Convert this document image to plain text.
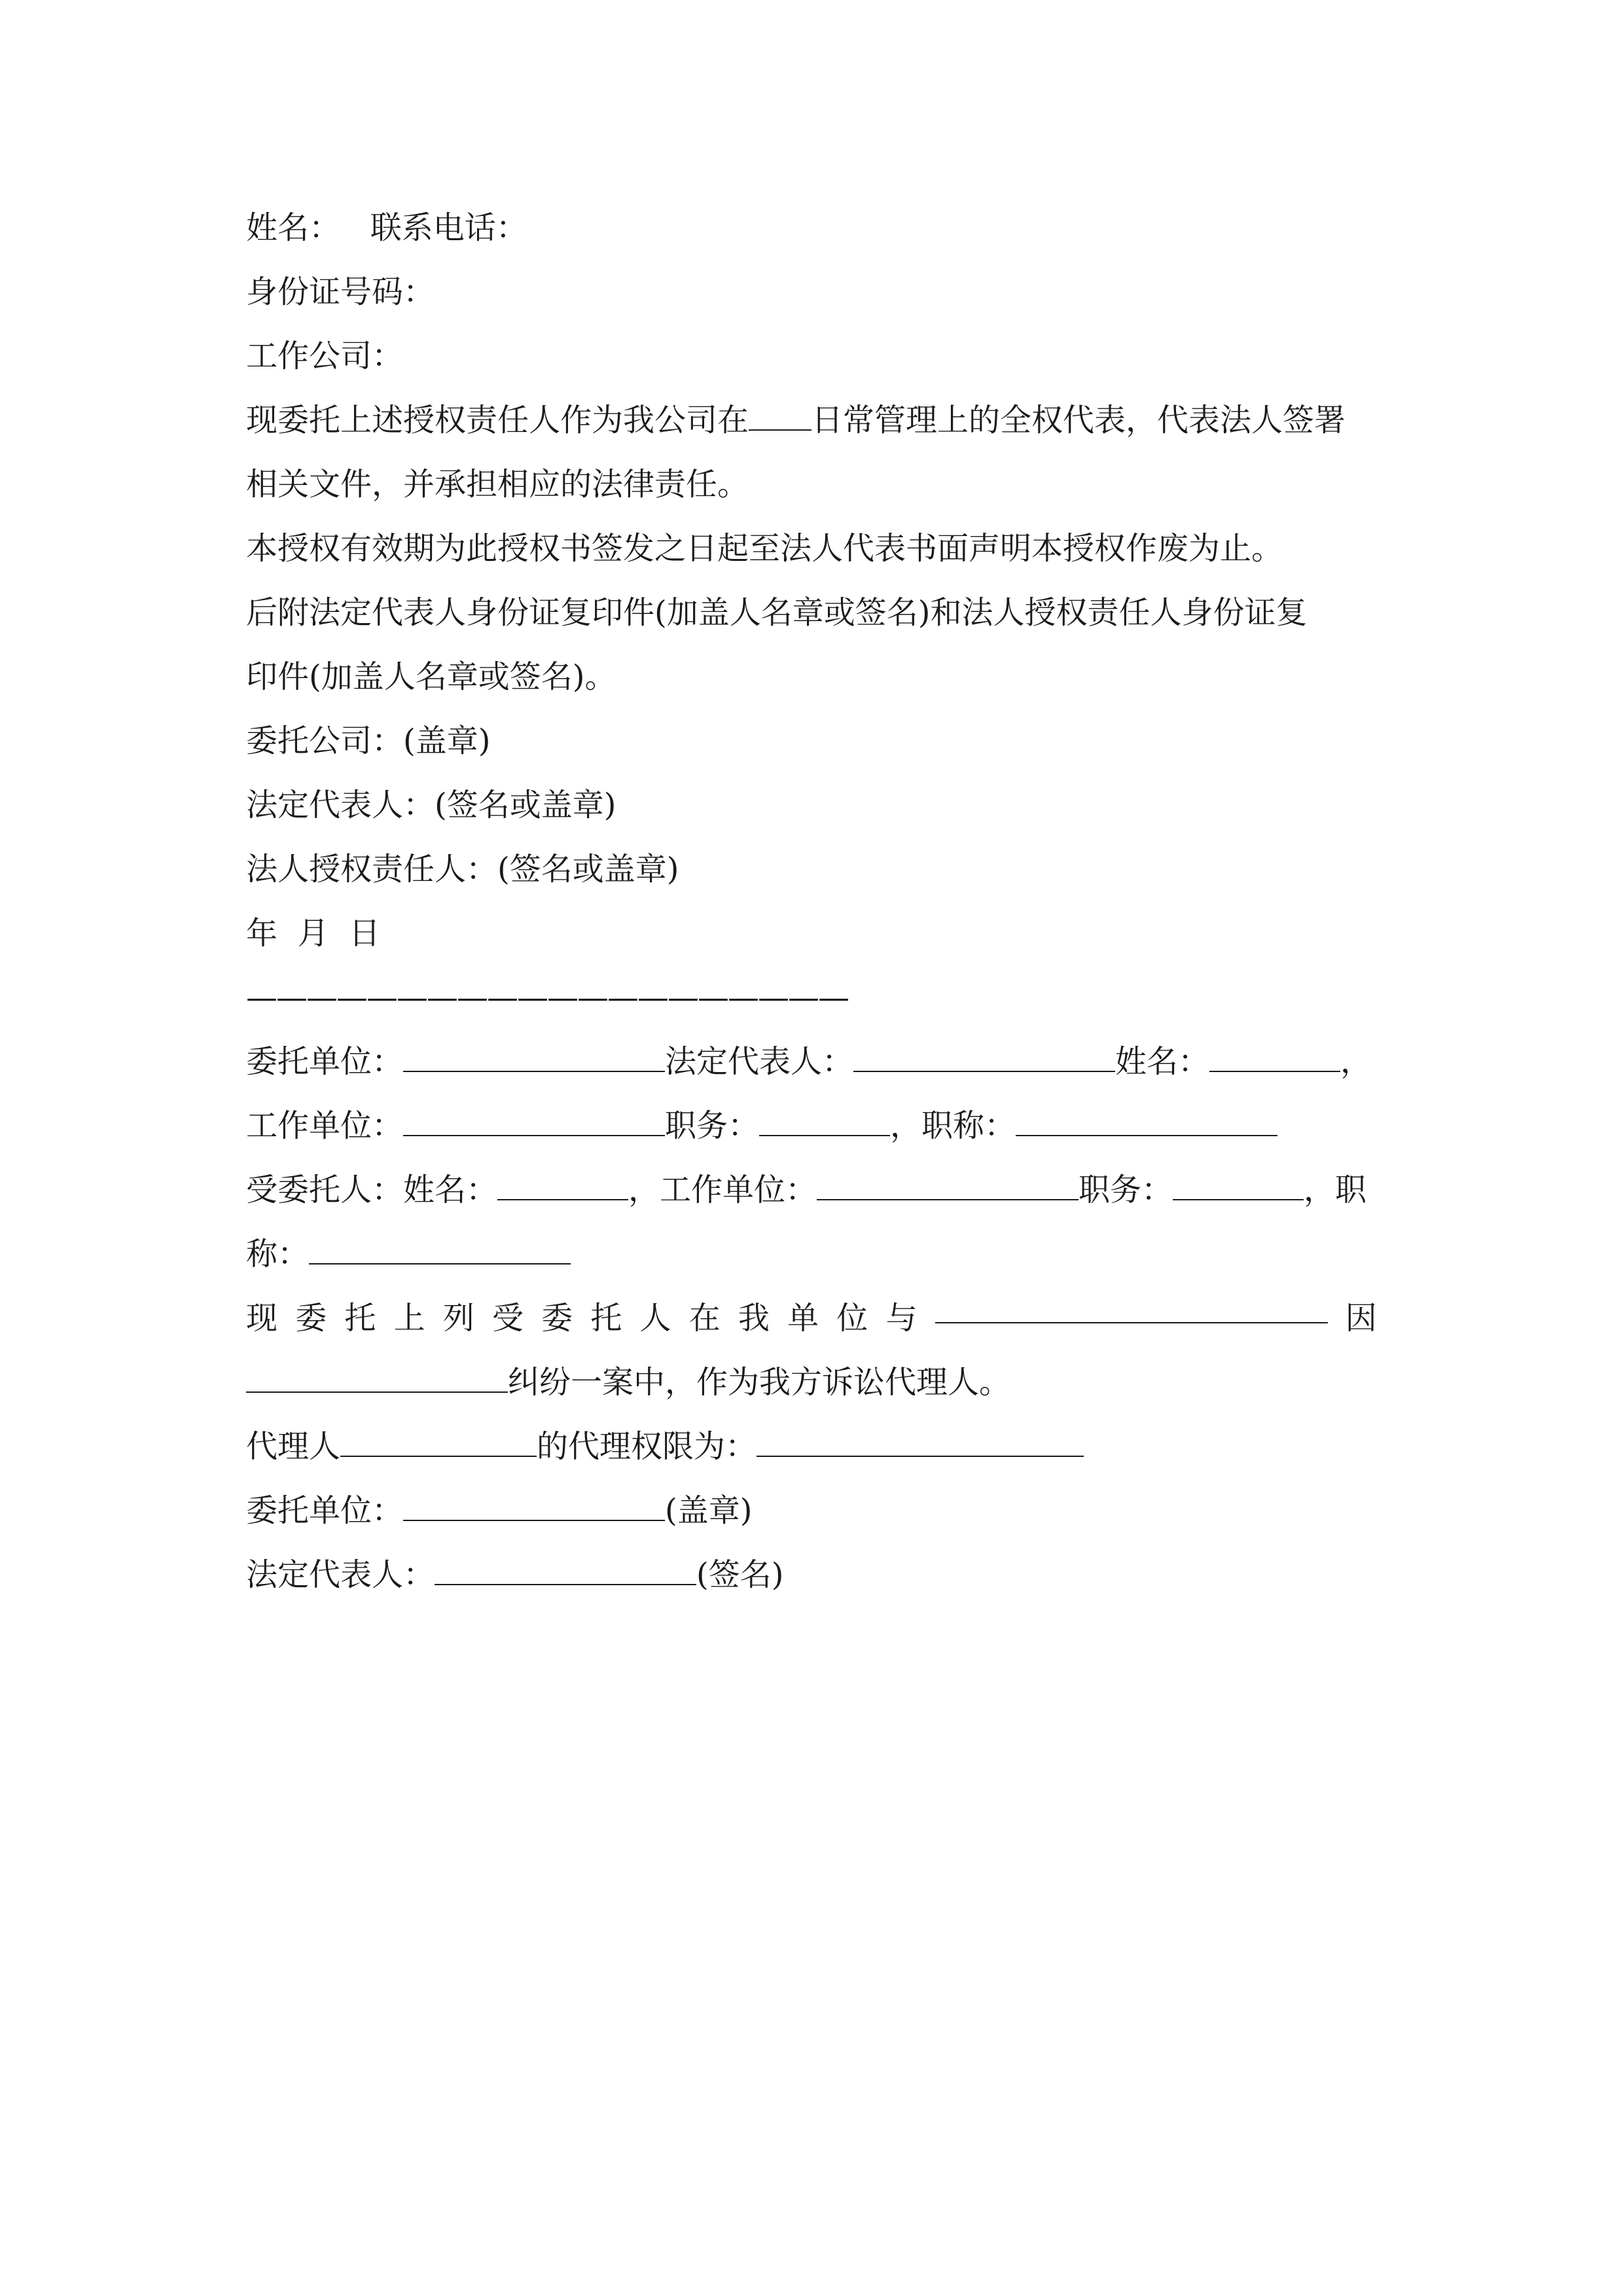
姓名：   联系电话：
身份证号码：
工作公司：
现委托上述授权责任人作为我公司在 日常管理上的全权代表，代表法人签署
相关文件，并承担相应的法律责任。
本授权有效期为此授权书签发之日起至法人代表书面声明本授权作废为止。
后附法定代表人身份证复印件(加盖人名章或签名)和法人授权责任人身份证复
印件(加盖人名章或签名)。
委托公司：(盖章)
法定代表人：(签名或盖章)
法人授权责任人：(签名或盖章)
年  月  日
————————————————————
委托单位：	法定代表人：	姓名：	，
工作单位：	职务：	，职称：
受委托人：姓名：	，工作单位：	职务：	，职
称：
现 委 托 上 列 受 委 托 人 在 我 单 位 与	因
纠纷一案中，作为我方诉讼代理人。
代理人	的代理权限为：
委托单位：	(盖章)
法定代表人：	(签名)
